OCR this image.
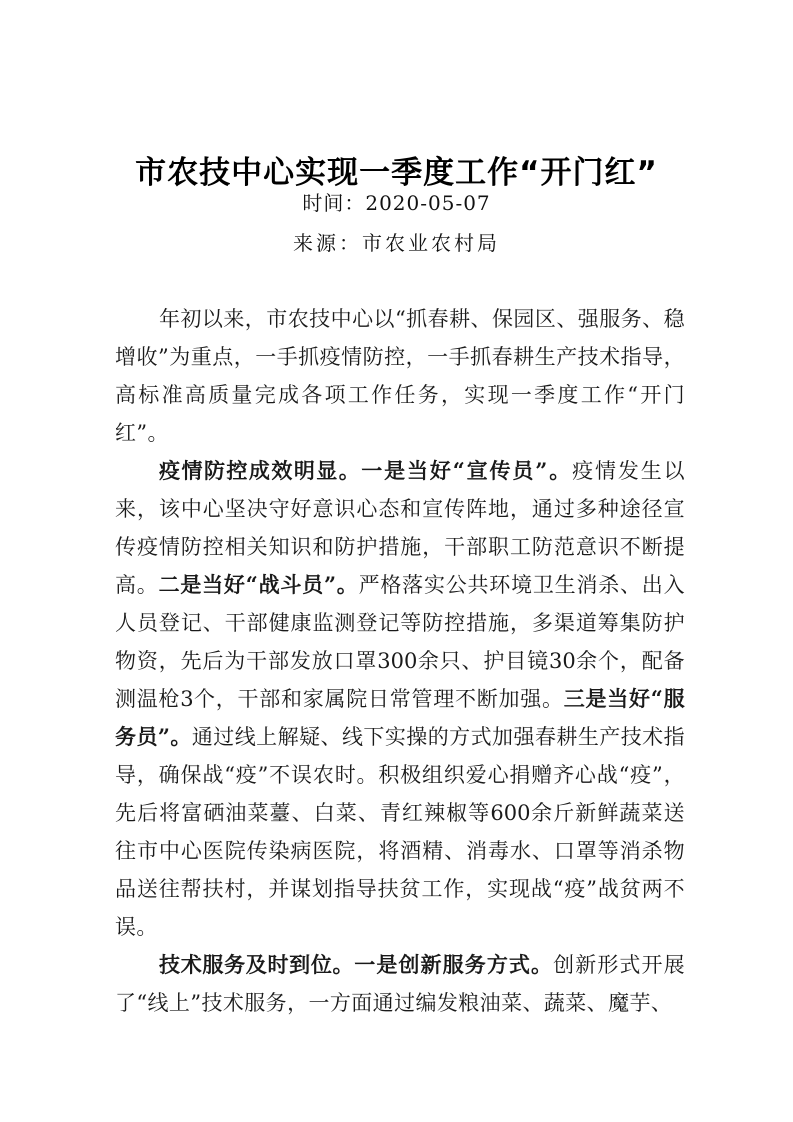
市农技中心实现一季度工作“开门红”
时间：2020-05-07
来源：市农业农村局

年初以来，市农技中心以“抓春耕、保园区、强服务、稳增收”为重点，一手抓疫情防控，一手抓春耕生产技术指导，高标准高质量完成各项工作任务，实现一季度工作“开门红”。

疫情防控成效明显。一是当好“宣传员”。疫情发生以来，该中心坚决守好意识心态和宣传阵地，通过多种途径宣传疫情防控相关知识和防护措施，干部职工防范意识不断提高。二是当好“战斗员”。严格落实公共环境卫生消杀、出入人员登记、干部健康监测登记等防控措施，多渠道筹集防护物资，先后为干部发放口罩300余只、护目镜30余个，配备测温枪3个，干部和家属院日常管理不断加强。三是当好“服务员”。通过线上解疑、线下实操的方式加强春耕生产技术指导，确保战“疫”不误农时。积极组织爱心捐赠齐心战“疫”，先后将富硒油菜薹、白菜、青红辣椒等600余斤新鲜蔬菜送往市中心医院传染病医院，将酒精、消毒水、口罩等消杀物品送往帮扶村，并谋划指导扶贫工作，实现战“疫”战贫两不误。

技术服务及时到位。一是创新服务方式。创新形式开展了“线上”技术服务，一方面通过编发粮油菜、蔬菜、魔芋、
